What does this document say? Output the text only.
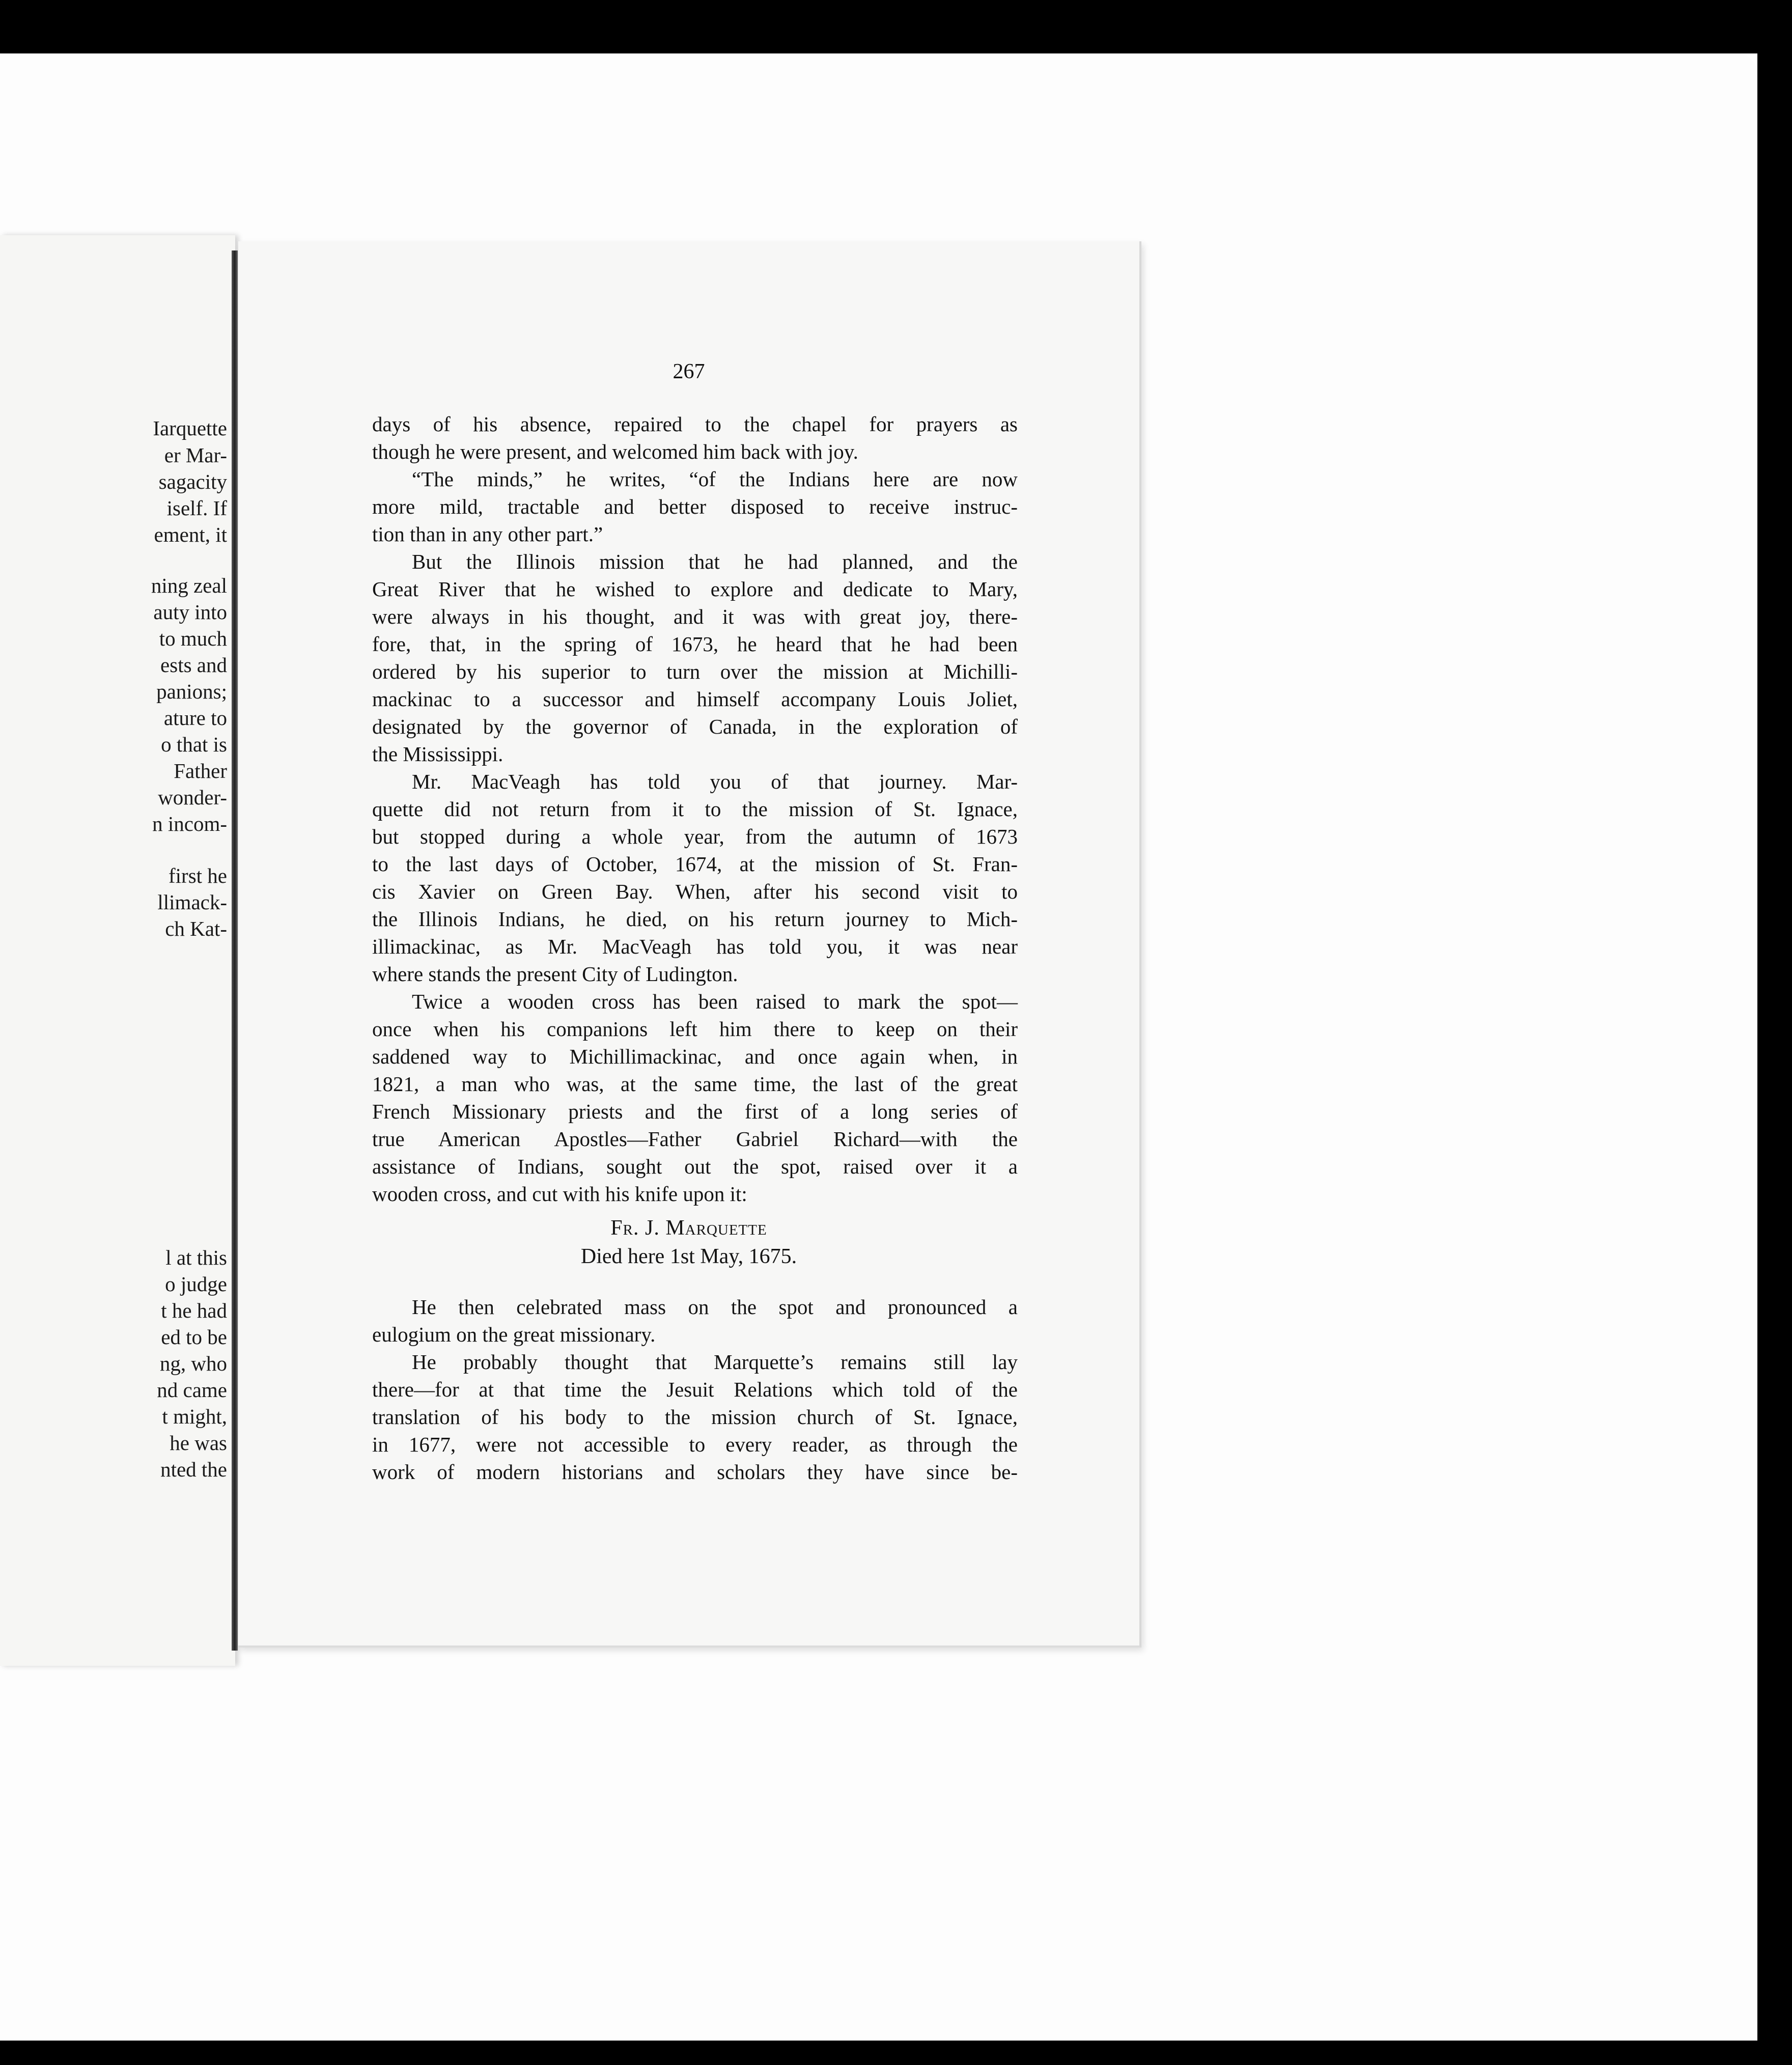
Iarquette
er Mar-
sagacity
iself. If
ement, it
ning zeal
auty into
to much
ests and
panions;
ature to
o that is
Father
wonder-
n incom-
first he
llimack-
ch Kat-
l at this
o judge
t he had
ed to be
ng, who
nd came
t might,
he was
nted the
267
days of his absence, repaired to the chapel for prayers as
though he were present, and welcomed him back with joy.
“The minds,” he writes, “of the Indians here are now
more mild, tractable and better disposed to receive instruc-
tion than in any other part.”
But the Illinois mission that he had planned, and the
Great River that he wished to explore and dedicate to Mary,
were always in his thought, and it was with great joy, there-
fore, that, in the spring of 1673, he heard that he had been
ordered by his superior to turn over the mission at Michilli-
mackinac to a successor and himself accompany Louis Joliet,
designated by the governor of Canada, in the exploration of
the Mississippi.
Mr. MacVeagh has told you of that journey. Mar-
quette did not return from it to the mission of St. Ignace,
but stopped during a whole year, from the autumn of 1673
to the last days of October, 1674, at the mission of St. Fran-
cis Xavier on Green Bay. When, after his second visit to
the Illinois Indians, he died, on his return journey to Mich-
illimackinac, as Mr. MacVeagh has told you, it was near
where stands the present City of Ludington.
Twice a wooden cross has been raised to mark the spot—
once when his companions left him there to keep on their
saddened way to Michillimackinac, and once again when, in
1821, a man who was, at the same time, the last of the great
French Missionary priests and the first of a long series of
true American Apostles—Father Gabriel Richard—with the
assistance of Indians, sought out the spot, raised over it a
wooden cross, and cut with his knife upon it:
Fr. J. Marquette
Died here 1st May, 1675.
He then celebrated mass on the spot and pronounced a
eulogium on the great missionary.
He probably thought that Marquette’s remains still lay
there—for at that time the Jesuit Relations which told of the
translation of his body to the mission church of St. Ignace,
in 1677, were not accessible to every reader, as through the
work of modern historians and scholars they have since be-
